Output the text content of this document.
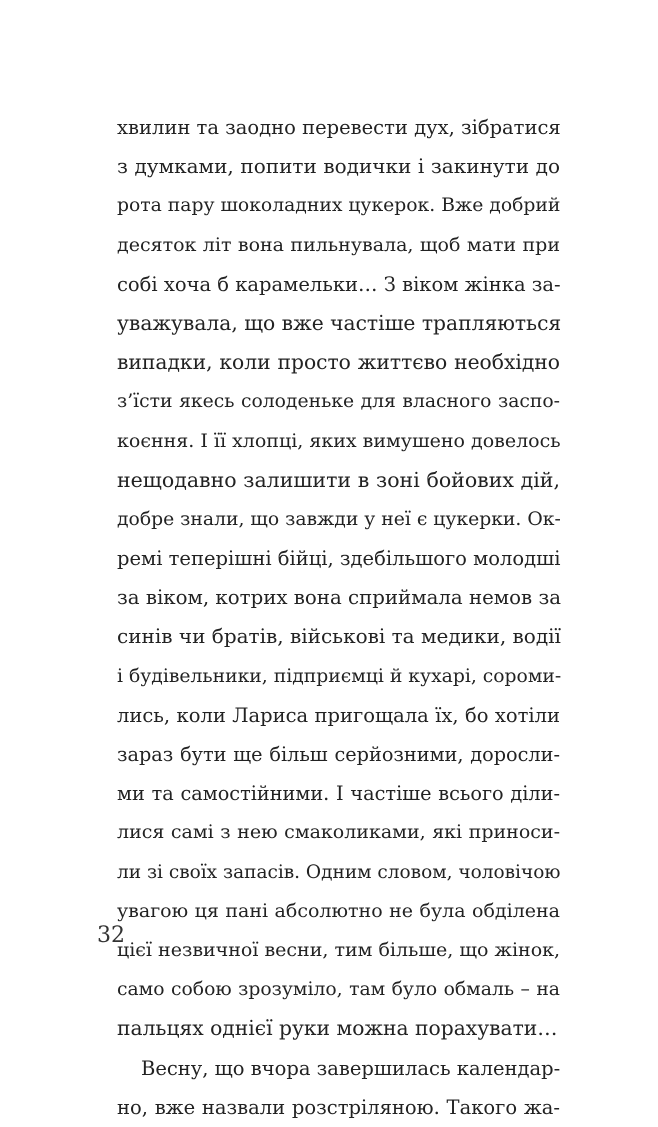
хвилин та заодно перевести дух, зібратися
з думками, попити водички і закинути до
рота пару шоколадних цукерок. Вже добрий
десяток літ вона пильнувала, щоб мати при
собі хоча б карамельки… З віком жінка за-
уважувала, що вже частіше трапляються
випадки, коли просто життєво необхідно
з’їсти якесь солоденьке для власного заспо-
коєння. І її хлопці, яких вимушено довелось
нещодавно залишити в зоні бойових дій,
добре знали, що завжди у неї є цукерки. Ок-
ремі теперішні бійці, здебільшого молодші
за віком, котрих вона сприймала немов за
синів чи братів, військові та медики, водії
і будівельники, підприємці й кухарі, сороми-
лись, коли Лариса пригощала їх, бо хотіли
зараз бути ще більш серйозними, доросли-
ми та самостійними. І частіше всього діли-
лися самі з нею смаколиками, які приноси-
ли зі своїх запасів. Одним словом, чоловічою
увагою ця пані абсолютно не була обділена
цієї незвичної весни, тим більше, що жінок,
само собою зрозуміло, там було обмаль – на
пальцях однієї руки можна порахувати…
Весну, що вчора завершилась календар-
но, вже назвали розстріляною. Такого жа-
32
